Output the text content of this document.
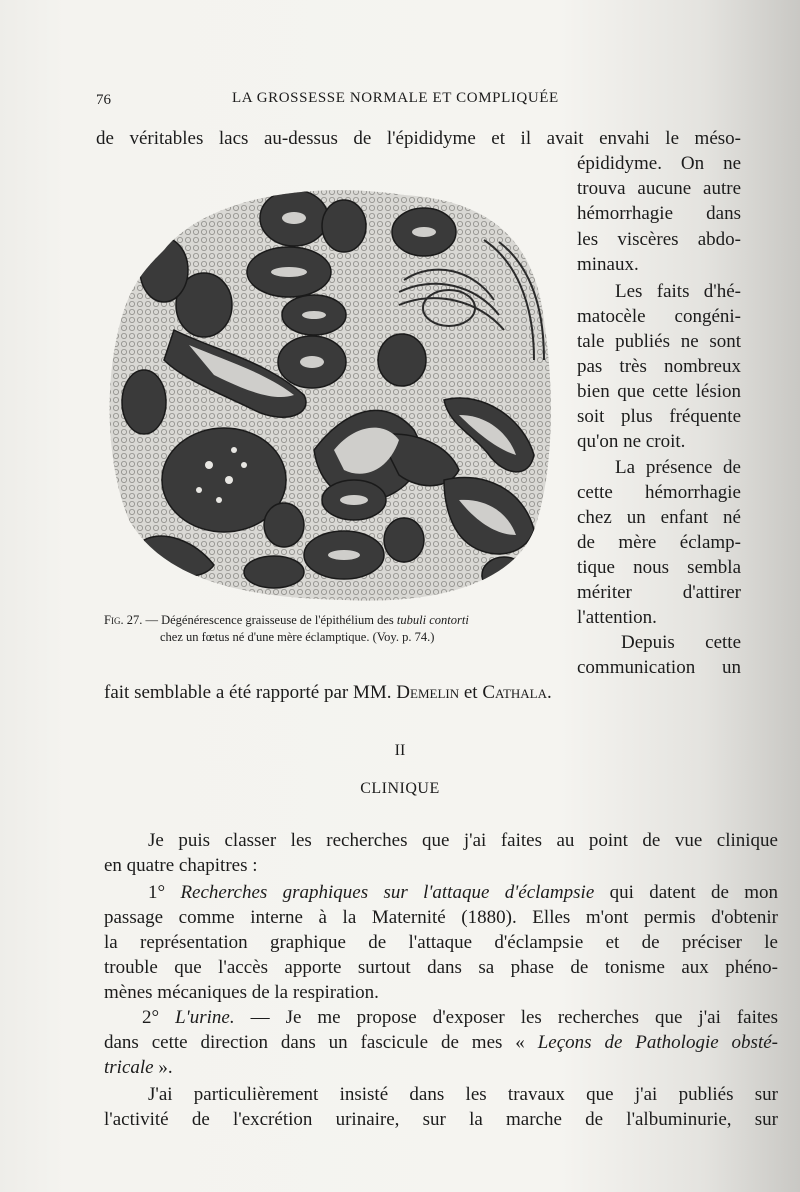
76	LA GROSSESSE NORMALE ET COMPLIQUÉE
de véritables lacs au-dessus de l'épididyme et il avait envahi le méso-
épididyme. On ne
trouva aucune autre
hémorrhagie dans
les viscères abdo-
minaux.
Les faits d'hé-
matocèle congéni-
tale publiés ne sont
pas très nombreux
bien que cette lésion
soit plus fréquente
qu'on ne croit.
La présence de
cette hémorrhagie
chez un enfant né
de mère éclamp-
tique nous sembla
mériter d'attirer
l'attention.
Depuis cette
communication un
Fig. 27. — Dégénérescence graisseuse de l'épithélium des tubuli contorti
chez un fœtus né d'une mère éclamptique. (Voy. p. 74.)
fait semblable a été rapporté par MM. Demelin et Cathala.
II
CLINIQUE
Je puis classer les recherches que j'ai faites au point de vue clinique
en quatre chapitres :
1° Recherches graphiques sur l'attaque d'éclampsie qui datent de mon
passage comme interne à la Maternité (1880). Elles m'ont permis d'obtenir
la représentation graphique de l'attaque d'éclampsie et de préciser le
trouble que l'accès apporte surtout dans sa phase de tonisme aux phéno-
mènes mécaniques de la respiration.
2° L'urine. — Je me propose d'exposer les recherches que j'ai faites
dans cette direction dans un fascicule de mes « Leçons de Pathologie obsté-
tricale ».
J'ai particulièrement insisté dans les travaux que j'ai publiés sur
l'activité de l'excrétion urinaire, sur la marche de l'albuminurie, sur
